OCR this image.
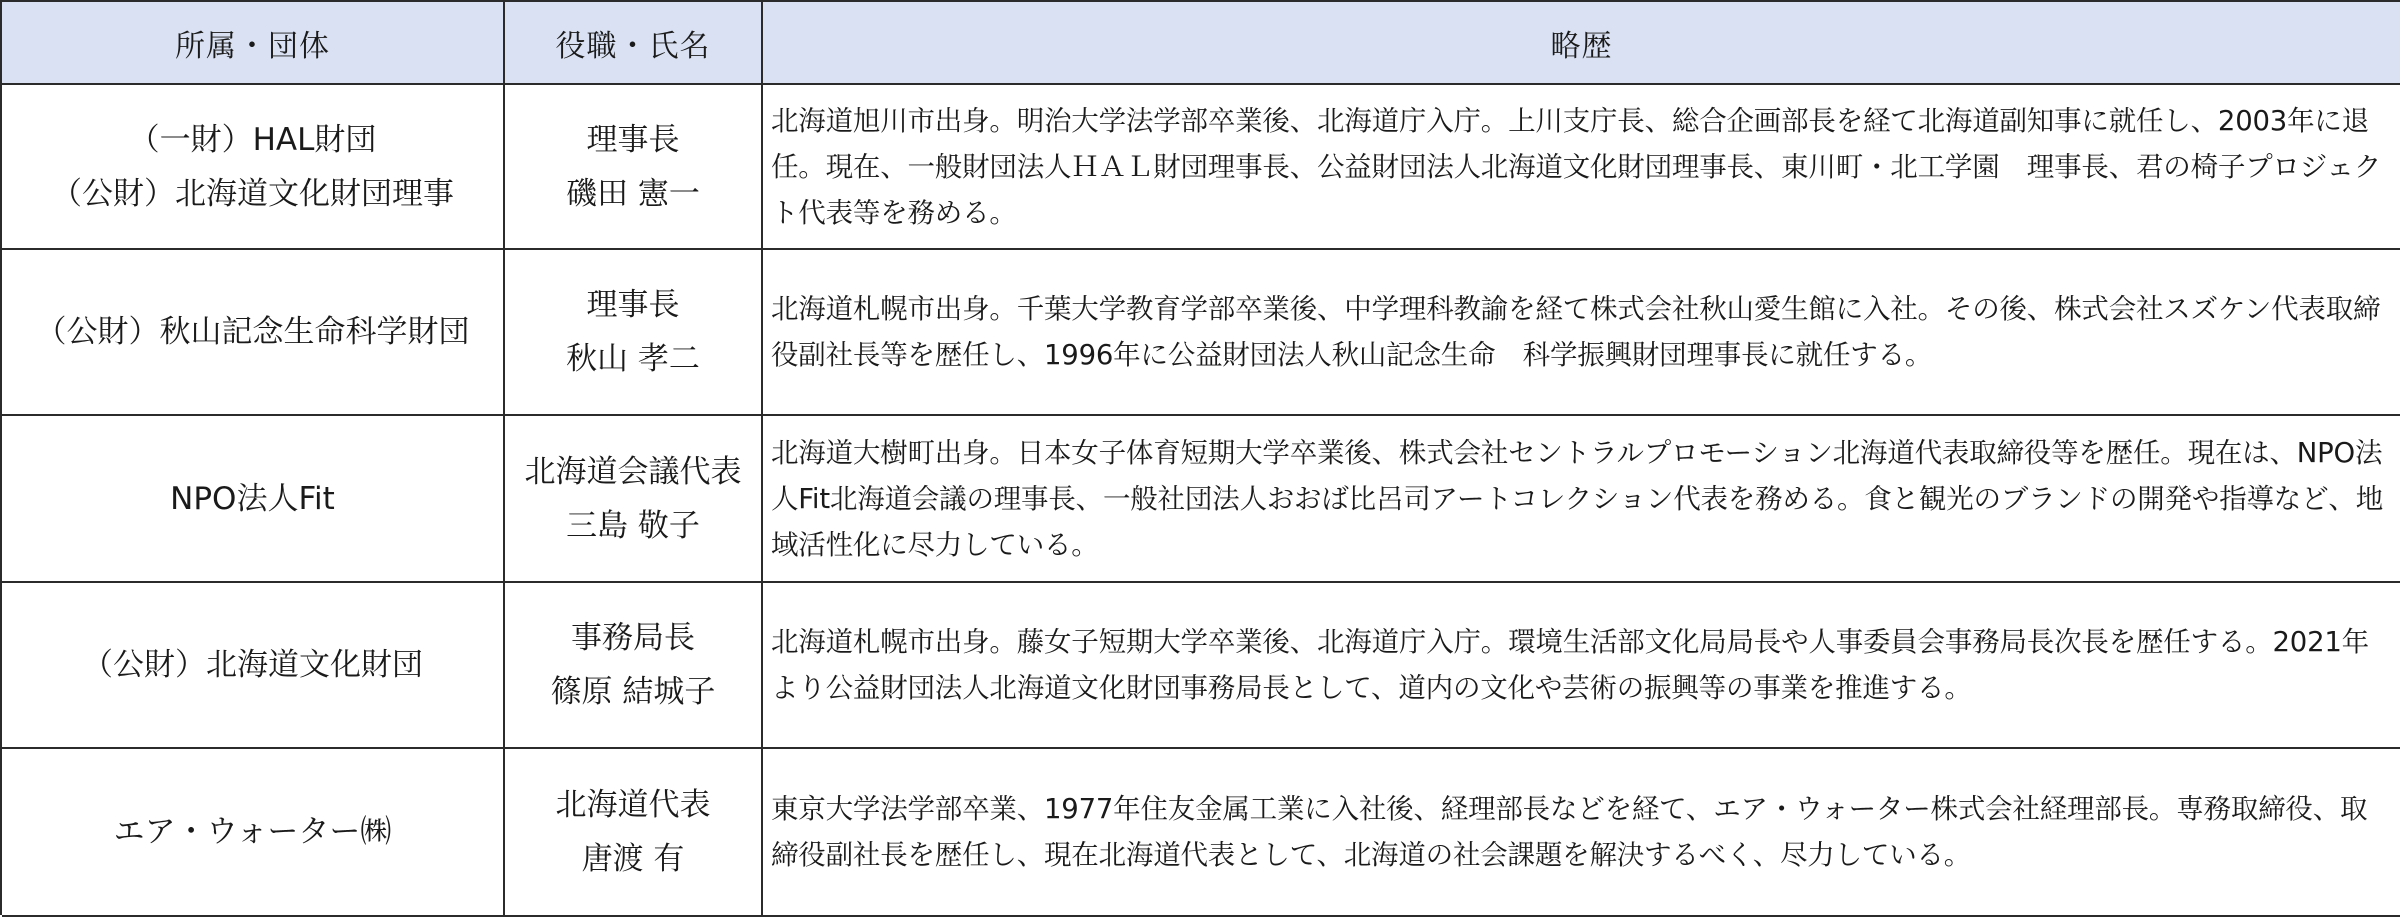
所属・団体	役職・氏名	略歴
（一財）HAL財団
（公財）北海道文化財団理事
理事長
磯田 憲一
北海道旭川市出身。明治大学法学部卒業後、北海道庁入庁。上川支庁長、総合企画部長を経て北海道副知事に就任し、2003年に退任。現在、一般財団法人ＨＡＬ財団理事長、公益財団法人北海道文化財団理事長、東川町・北工学園　理事長、君の椅子プロジェクト代表等を務める。
（公財）秋山記念生命科学財団
理事長
秋山 孝二
北海道札幌市出身。千葉大学教育学部卒業後、中学理科教諭を経て株式会社秋山愛生館に入社。その後、株式会社スズケン代表取締役副社長等を歴任し、1996年に公益財団法人秋山記念生命　科学振興財団理事長に就任する。
NPO法人Fit
北海道会議代表
三島 敬子
北海道大樹町出身。日本女子体育短期大学卒業後、株式会社セントラルプロモーション北海道代表取締役等を歴任。現在は、NPO法人Fit北海道会議の理事長、一般社団法人おおば比呂司アートコレクション代表を務める。食と観光のブランドの開発や指導など、地域活性化に尽力している。
（公財）北海道文化財団
事務局長
篠原 結城子
北海道札幌市出身。藤女子短期大学卒業後、北海道庁入庁。環境生活部文化局局長や人事委員会事務局長次長を歴任する。2021年より公益財団法人北海道文化財団事務局長として、道内の文化や芸術の振興等の事業を推進する。
エア・ウォーター㈱
北海道代表
唐渡 有
東京大学法学部卒業、1977年住友金属工業に入社後、経理部長などを経て、エア・ウォーター株式会社経理部長。専務取締役、取締役副社長を歴任し、現在北海道代表として、北海道の社会課題を解決するべく、尽力している。
